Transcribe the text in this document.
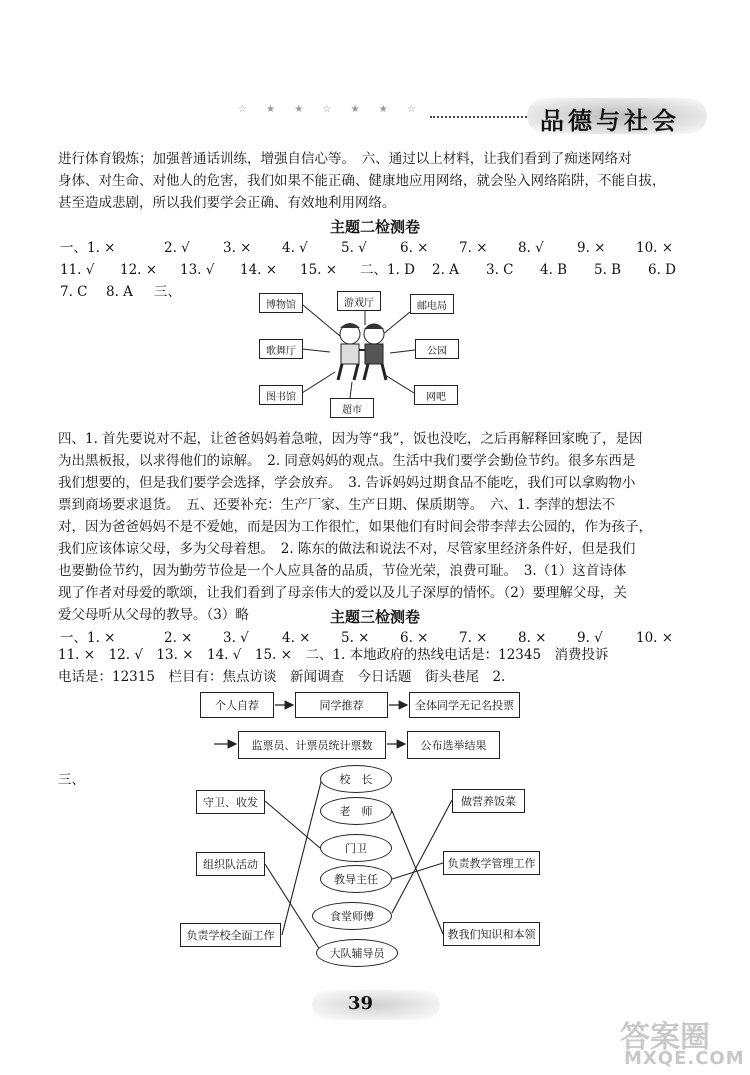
☆ ★ ★ ☆ ★ ★ ☆	品德与社会
进行体育锻炼；加强普通话训练，增强自信心等。　六、通过以上材料，让我们看到了痴迷网络对
身体、对生命、对他人的危害，我们如果不能正确、健康地应用网络，就会坠入网络陷阱，不能自拔，
甚至造成悲剧，所以我们要学会正确、有效地利用网络。
主题二检测卷
一、1. ×	2. √ 3. × 4. √ 5. √ 6. × 7. × 8. √ 9. × 10. ×
11. √ 12. × 13. √ 14. × 15. × 二、1. D 2. A 3. C 4. B 5. B 6. D
7. C 8. A 三、
博物馆	游戏厅	邮电局
歌舞厅	公园
图书馆
超市
网吧
四、1. 首先要说对不起，让爸爸妈妈着急啦，因为等“我”，饭也没吃，之后再解释回家晚了，是因
为出黑板报，以求得他们的谅解。　2. 同意妈妈的观点。生活中我们要学会勤俭节约。很多东西是
我们想要的，但是我们要学会选择，学会放弃。　3. 告诉妈妈过期食品不能吃，我们可以拿购物小
票到商场要求退货。　五、还要补充：生产厂家、生产日期、保质期等。　六、1. 李萍的想法不
对，因为爸爸妈妈不是不爱她，而是因为工作很忙，如果他们有时间会带李萍去公园的，作为孩子，
我们应该体谅父母，多为父母着想。　2. 陈东的做法和说法不对，尽管家里经济条件好，但是我们
也要勤俭节约，因为勤劳节俭是一个人应具备的品质，节俭光荣，浪费可耻。　3.（1）这首诗体
现了作者对母爱的歌颂，让我们看到了母亲伟大的爱以及儿子深厚的情怀。（2）要理解父母，关
爱父母听从父母的教导。（3）略	主题三检测卷
一、1. ×	2. × 3. √ 4. × 5. × 6. × 7. × 8. × 9. √ 10. ×
11. ×　12. √　13. ×　14. √　15. ×　二、1. 本地政府的热线电话是：12345　消费投诉
电话是：12315　栏目有：焦点访谈　新闻调查　今日话题　街头巷尾　2.
个人自荐	同学推荐	全体同学无记名投票
监票员、计票员统计票数	公布选举结果
三、
守卫、收发
组织队活动
负责学校全面工作
校　长
老　师
门卫
教导主任
食堂师傅
大队辅导员
做营养饭菜
负责教学管理工作
教我们知识和本领
39
答案圈
MXQE.COM
